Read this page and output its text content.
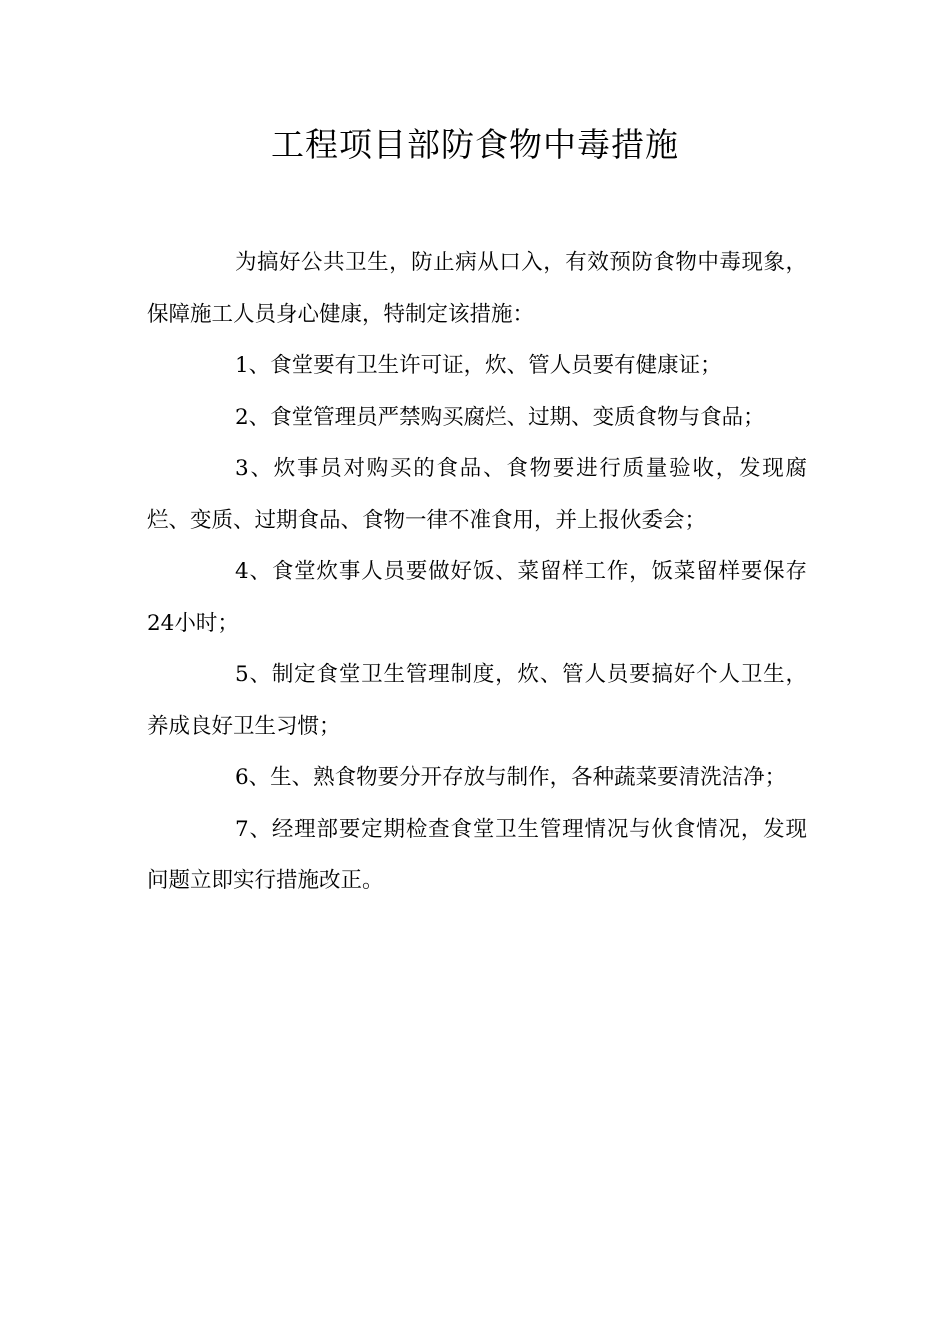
工程项目部防食物中毒措施

为搞好公共卫生，防止病从口入，有效预防食物中毒现象，保障施工人员身心健康，特制定该措施：

1、食堂要有卫生许可证，炊、管人员要有健康证；

2、食堂管理员严禁购买腐烂、过期、变质食物与食品；

3、炊事员对购买的食品、食物要进行质量验收，发现腐烂、变质、过期食品、食物一律不准食用，并上报伙委会；

4、食堂炊事人员要做好饭、菜留样工作，饭菜留样要保存24小时；

5、制定食堂卫生管理制度，炊、管人员要搞好个人卫生，养成良好卫生习惯；

6、生、熟食物要分开存放与制作，各种蔬菜要清洗洁净；

7、经理部要定期检查食堂卫生管理情况与伙食情况，发现问题立即实行措施改正。
